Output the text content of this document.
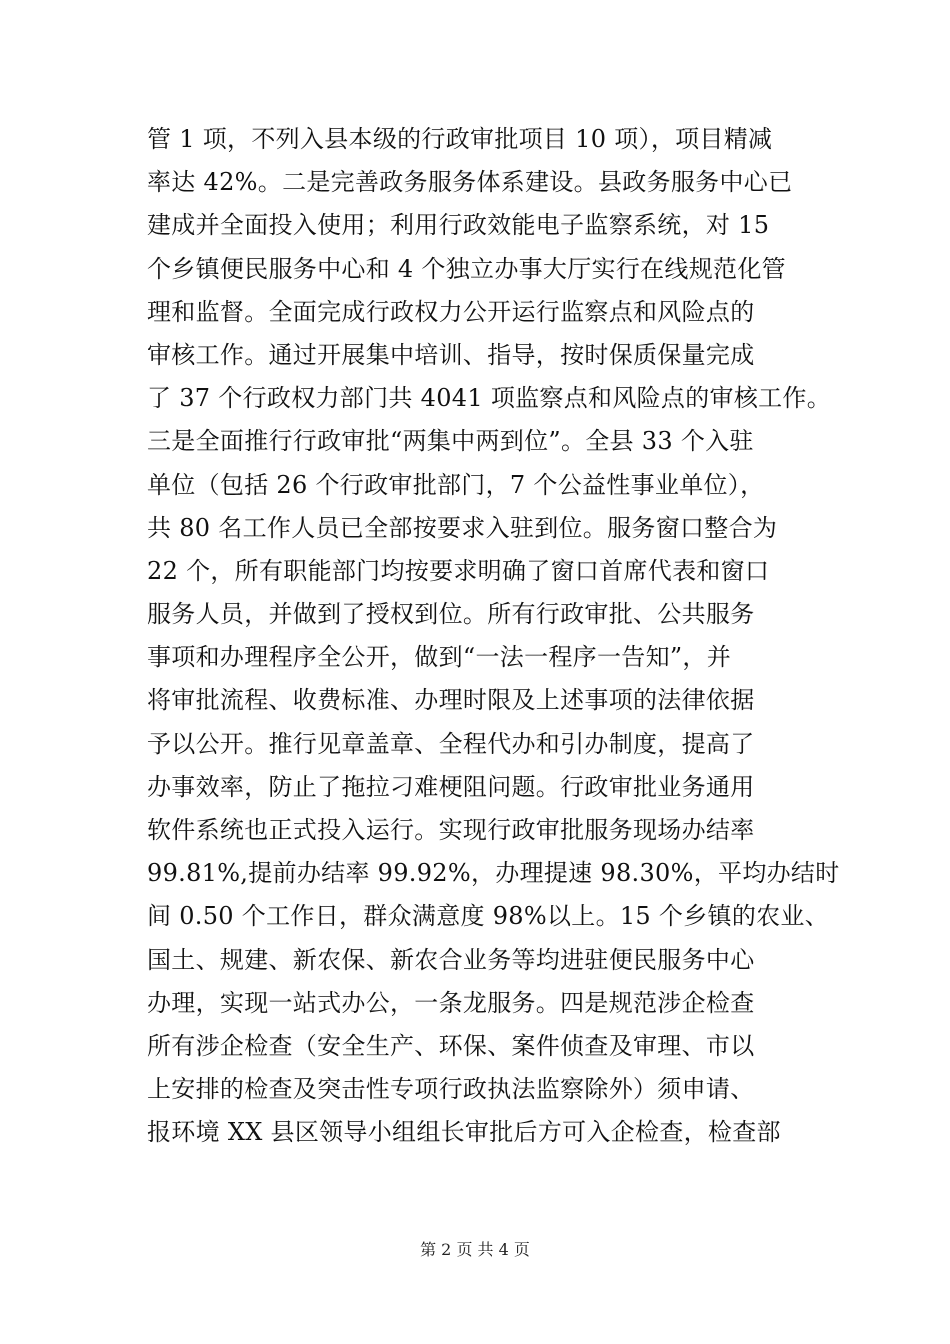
管 1 项，不列入县本级的行政审批项目 10 项），项目精减
率达 42%。二是完善政务服务体系建设。县政务服务中心已
建成并全面投入使用；利用行政效能电子监察系统，对 15
个乡镇便民服务中心和 4 个独立办事大厅实行在线规范化管
理和监督。全面完成行政权力公开运行监察点和风险点的
审核工作。通过开展集中培训、指导，按时保质保量完成
了 37 个行政权力部门共 4041 项监察点和风险点的审核工作。
三是全面推行行政审批“两集中两到位”。全县 33 个入驻
单位（包括 26 个行政审批部门，7 个公益性事业单位），
共 80 名工作人员已全部按要求入驻到位。服务窗口整合为
22 个，所有职能部门均按要求明确了窗口首席代表和窗口
服务人员，并做到了授权到位。所有行政审批、公共服务
事项和办理程序全公开，做到“一法一程序一告知”，并
将审批流程、收费标准、办理时限及上述事项的法律依据
予以公开。推行见章盖章、全程代办和引办制度，提高了
办事效率，防止了拖拉刁难梗阻问题。行政审批业务通用
软件系统也正式投入运行。实现行政审批服务现场办结率
99.81%,提前办结率 99.92%，办理提速 98.30%，平均办结时
间 0.50 个工作日，群众满意度 98%以上。15 个乡镇的农业、
国土、规建、新农保、新农合业务等均进驻便民服务中心
办理，实现一站式办公，一条龙服务。四是规范涉企检查
所有涉企检查（安全生产、环保、案件侦查及审理、市以
上安排的检查及突击性专项行政执法监察除外）须申请、
报环境 XX 县区领导小组组长审批后方可入企检查，检查部
第 2 页 共 4 页
